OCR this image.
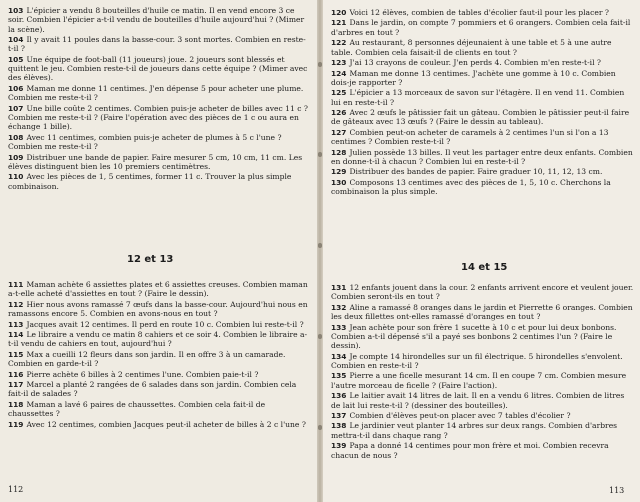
103 L'épicier a vendu 8 bouteilles d'huile ce matin. Il en vend encore 3 ce soir. Combien l'épicier a-t-il vendu de bouteilles d'huile aujourd'hui ? (Mimer la scène).
104 Il y avait 11 poules dans la basse-cour. 3 sont mortes. Combien en reste-t-il ?
105 Une équipe de foot-ball (11 joueurs) joue. 2 joueurs sont blessés et quittent le jeu. Combien reste-t-il de joueurs dans cette équipe ? (Mimer avec des élèves).
106 Maman me donne 11 centimes. J'en dépense 5 pour acheter une plume. Combien me reste-t-il ?
107 Une bille coûte 2 centimes. Combien puis-je acheter de billes avec 11 c ? Combien me reste-t-il ? (Faire l'opération avec des pièces de 1 c ou aura en échange 1 bille).
108 Avec 11 centimes, combien puis-je acheter de plumes à 5 c l'une ? Combien me reste-t-il ?
109 Distribuer une bande de papier. Faire mesurer 5 cm, 10 cm, 11 cm. Les élèves distinguent bien les 10 premiers centimètres.
110 Avec les pièces de 1, 5 centimes, former 11 c. Trouver la plus simple combinaison.
12 et 13
111 Maman achète 6 assiettes plates et 6 assiettes creuses. Combien maman a-t-elle acheté d'assiettes en tout ? (Faire le dessin).
112 Hier nous avons ramassé 7 œufs dans la basse-cour. Aujourd'hui nous en ramassons encore 5. Combien en avons-nous en tout ?
113 Jacques avait 12 centimes. Il perd en route 10 c. Combien lui reste-t-il ?
114 Le libraire a vendu ce matin 8 cahiers et ce soir 4. Combien le libraire a-t-il vendu de cahiers en tout, aujourd'hui ?
115 Max a cueilli 12 fleurs dans son jardin. Il en offre 3 à un camarade. Combien en garde-t-il ?
116 Pierre achète 6 billes à 2 centimes l'une. Combien paie-t-il ?
117 Marcel a planté 2 rangées de 6 salades dans son jardin. Combien cela fait-il de salades ?
118 Maman a lavé 6 paires de chaussettes. Combien cela fait-il de chaussettes ?
119 Avec 12 centimes, combien Jacques peut-il acheter de billes à 2 c l'une ?
112
120 Voici 12 élèves, combien de tables d'écolier faut-il pour les placer ?
121 Dans le jardin, on compte 7 pommiers et 6 orangers. Combien cela fait-il d'arbres en tout ?
122 Au restaurant, 8 personnes déjeunaient à une table et 5 à une autre table. Combien cela faisait-il de clients en tout ?
123 J'ai 13 crayons de couleur. J'en perds 4. Combien m'en reste-t-il ?
124 Maman me donne 13 centimes. J'achète une gomme à 10 c. Combien dois-je rapporter ?
125 L'épicier a 13 morceaux de savon sur l'étagère. Il en vend 11. Combien lui en reste-t-il ?
126 Avec 2 œufs le pâtissier fait un gâteau. Combien le pâtissier peut-il faire de gâteaux avec 13 œufs ? (Faire le dessin au tableau).
127 Combien peut-on acheter de caramels à 2 centimes l'un si l'on a 13 centimes ? Combien reste-t-il ?
128 Julien possède 13 billes. Il veut les partager entre deux enfants. Combien en donne-t-il à chacun ? Combien lui en reste-t-il ?
129 Distribuer des bandes de papier. Faire graduer 10, 11, 12, 13 cm.
130 Composons 13 centimes avec des pièces de 1, 5, 10 c. Cherchons la combinaison la plus simple.
14 et 15
131 12 enfants jouent dans la cour. 2 enfants arrivent encore et veulent jouer. Combien seront-ils en tout ?
132 Aline a ramassé 8 oranges dans le jardin et Pierrette 6 oranges. Combien les deux fillettes ont-elles ramassé d'oranges en tout ?
133 Jean achète pour son frère 1 sucette à 10 c et pour lui deux bonbons. Combien a-t-il dépensé s'il a payé ses bonbons 2 centimes l'un ? (Faire le dessin).
134 Je compte 14 hirondelles sur un fil électrique. 5 hirondelles s'envolent. Combien en reste-t-il ?
135 Pierre a une ficelle mesurant 14 cm. Il en coupe 7 cm. Combien mesure l'autre morceau de ficelle ? (Faire l'action).
136 Le laitier avait 14 litres de lait. Il en a vendu 6 litres. Combien de litres de lait lui reste-t-il ? (dessiner des bouteilles).
137 Combien d'élèves peut-on placer avec 7 tables d'écolier ?
138 Le jardinier veut planter 14 arbres sur deux rangs. Combien d'arbres mettra-t-il dans chaque rang ?
139 Papa a donné 14 centimes pour mon frère et moi. Combien recevra chacun de nous ?
113
